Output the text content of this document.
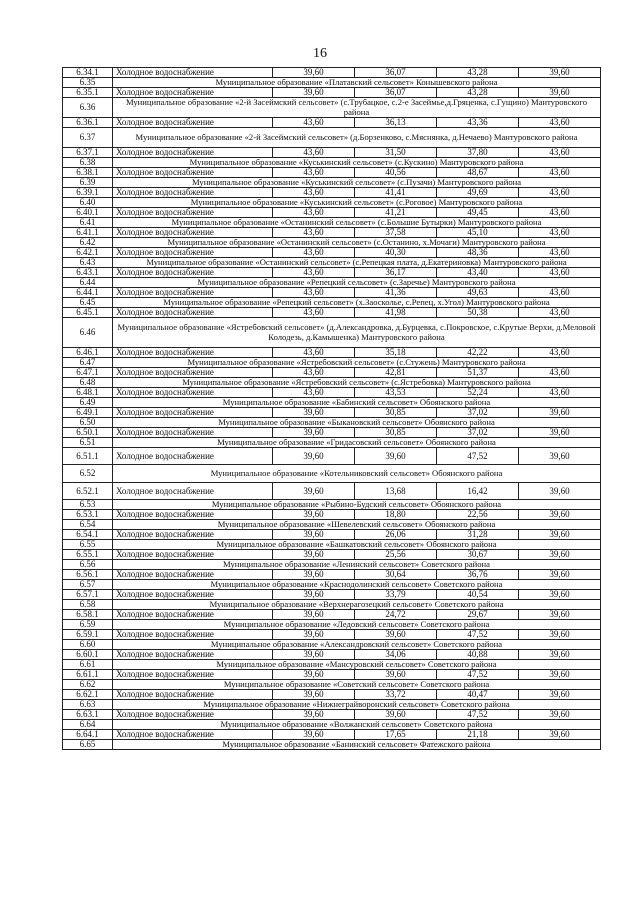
16
6.34.1	Холодное водоснабжение	39,60	36,07	43,28	39,60
6.35	Муниципальное образование «Платавский сельсовет» Конышевского района				
6.35.1	Холодное водоснабжение	39,60	36,07	43,28	39,60
6.36	Муниципальное образование «2-й Засеймский сельсовет» (с.Трубацкое, с.2-е Засеймье,д.Гряценка, с.Гущино) Мантуровского района				
6.36.1	Холодное водоснабжение	43,60	36,13	43,36	43,60
6.37	Муниципальное образование «2-й Засеймский сельсовет» (д.Борзенково, с.Мяснянка, д.Нечаево) Мантуровского района				
6.37.1	Холодное водоснабжение	43,60	31,50	37,80	43,60
6.38	Муниципальное образование «Куськинский сельсовет» (с.Кускино) Мантуровского района				
6.38.1	Холодное водоснабжение	43,60	40,56	48,67	43,60
6.39	Муниципальное образование «Куськинский сельсовет» (с.Пузачи) Мантуровского района				
6.39.1	Холодное водоснабжение	43,60	41,41	49,69	43,60
6.40	Муниципальное образование «Куськинский сельсовет» (с.Роговое) Мантуровского района				
6.40.1	Холодное водоснабжение	43,60	41,21	49,45	43,60
6.41	Муниципальное образование «Останинский сельсовет» (с.Большие Бутырки) Мантуровского района				
6.41.1	Холодное водоснабжение	43,60	37,58	45,10	43,60
6.42	Муниципальное образование «Останинский сельсовет» (с.Останино, х.Мочаги) Мантуровского района				
6.42.1	Холодное водоснабжение	43,60	40,30	48,36	43,60
6.43	Муниципальное образование «Останинский сельсовет» (с.Репецкая плата, д.Екатериновка) Мантуровского района				
6.43.1	Холодное водоснабжение	43,60	36,17	43,40	43,60
6.44	Муниципальное образование «Репецкий сельсовет» (с.Заречье) Мантуровского района				
6.44.1	Холодное водоснабжение	43,60	41,36	49,63	43,60
6.45	Муниципальное образование «Репецкий сельсовет» (х.Заосколье, с.Репец, х.Угол) Мантуровского района				
6.45.1	Холодное водоснабжение	43,60	41,98	50,38	43,60
6.46	Муниципальное образование «Ястребовский сельсовет» (д.Александровка, д.Бурцевка, с.Покровское, с.Крутые Верхи, д.Меловой Колодезь, д.Камышенка) Мантуровского района				
6.46.1	Холодное водоснабжение	43,60	35,18	42,22	43,60
6.47	Муниципальное образование «Ястребовский сельсовет» (с.Стужень) Мантуровского района				
6.47.1	Холодное водоснабжение	43,60	42,81	51,37	43,60
6.48	Муниципальное образование «Ястребовский сельсовет» (с.Ястребовка) Мантуровского района				
6.48.1	Холодное водоснабжение	43,60	43,53	52,24	43,60
6.49	Муниципальное образование «Бабинский сельсовет» Обоянского района				
6.49.1	Холодное водоснабжение	39,60	30,85	37,02	39,60
6.50	Муниципальное образование «Быкановский сельсовет» Обоянского района				
6.50.1	Холодное водоснабжение	39,60	30,85	37,02	39,60
6.51	Муниципальное образование «Гридасовский сельсовет» Обоянского района				
6.51.1	Холодное водоснабжение	39,60	39,60	47,52	39,60
6.52	Муниципальное образование «Котельниковский сельсовет» Обоянского района				
6.52.1	Холодное водоснабжение	39,60	13,68	16,42	39,60
6.53	Муниципальное образование «Рыбино-Будский сельсовет» Обоянского района				
6.53.1	Холодное водоснабжение	39,60	18,80	22,56	39,60
6.54	Муниципальное образование «Шевелевский сельсовет» Обоянского района				
6.54.1	Холодное водоснабжение	39,60	26,06	31,28	39,60
6.55	Муниципальное образование «Башкатовский сельсовет» Обоянского района				
6.55.1	Холодное водоснабжение	39,60	25,56	30,67	39,60
6.56	Муниципальное образование «Ленинский сельсовет» Советского района				
6.56.1	Холодное водоснабжение	39,60	30,64	36,76	39,60
6.57	Муниципальное образование «Краснодолинский сельсовет» Советского района				
6.57.1	Холодное водоснабжение	39,60	33,79	40,54	39,60
6.58	Муниципальное образование «Верхнерагозецкий сельсовет» Советского района				
6.58.1	Холодное водоснабжение	39,60	24,72	29,67	39,60
6.59	Муниципальное образование «Ледовский сельсовет» Советского района				
6.59.1	Холодное водоснабжение	39,60	39,60	47,52	39,60
6.60	Муниципальное образование «Александровский сельсовет» Советского района				
6.60.1	Холодное водоснабжение	39,60	34,06	40,88	39,60
6.61	Муниципальное образование «Мансуровский сельсовет» Советского района				
6.61.1	Холодное водоснабжение	39,60	39,60	47,52	39,60
6.62	Муниципальное образование «Советский сельсовет» Советского района				
6.62.1	Холодное водоснабжение	39,60	33,72	40,47	39,60
6.63	Муниципальное образование «Нижнеграйворонский сельсовет» Советского района				
6.63.1	Холодное водоснабжение	39,60	39,60	47,52	39,60
6.64	Муниципальное образование «Волжанский сельсовет» Советского района				
6.64.1	Холодное водоснабжение	39,60	17,65	21,18	39,60
6.65	Муниципальное образование «Банинский сельсовет» Фатежского района				
